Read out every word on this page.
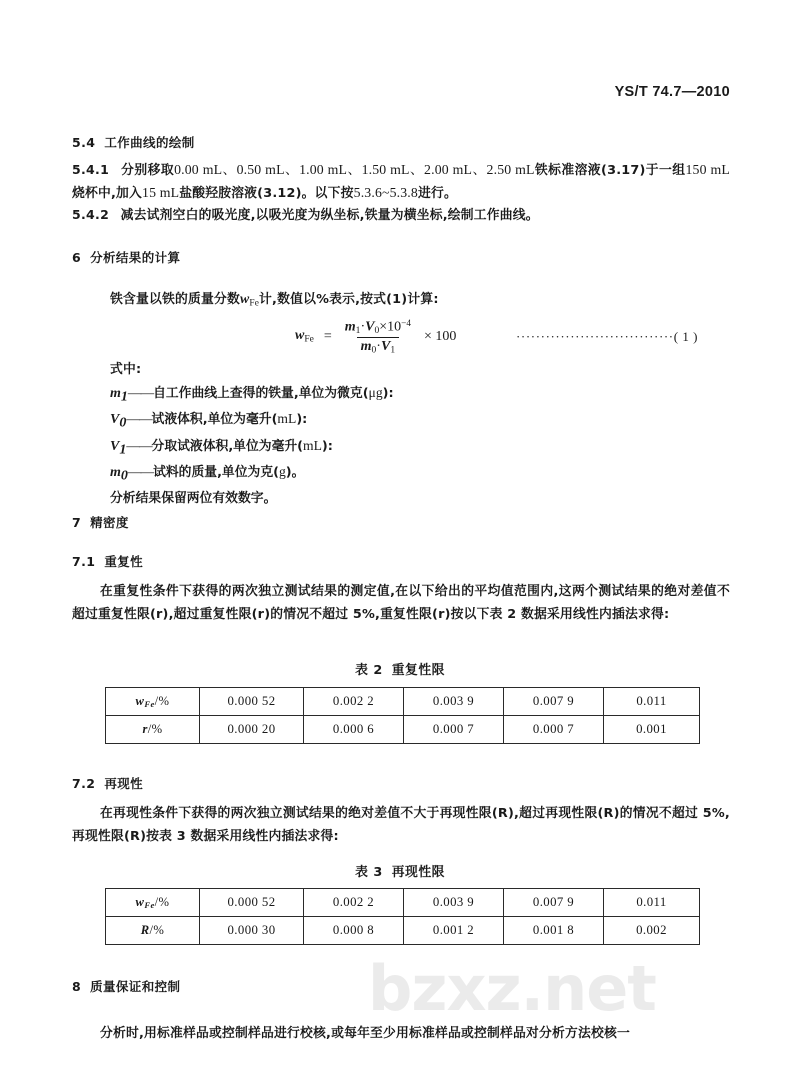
bzxz.net
YS/T 74.7—2010
5.4 工作曲线的绘制
5.4.1 分别移取0.00 mL、0.50 mL、1.00 mL、1.50 mL、2.00 mL、2.50 mL铁标准溶液(3.17)于一组150 mL烧杯中,加入15 mL盐酸羟胺溶液(3.12)。以下按5.3.6~5.3.8进行。
5.4.2 减去试剂空白的吸光度,以吸光度为纵坐标,铁量为横坐标,绘制工作曲线。
6 分析结果的计算
铁含量以铁的质量分数$w_{Fe}$计,数值以%表示,按式(1)计算:
$w_{Fe} = \frac{m_1\cdot V_0\times 10^{-4}}{m_0\cdot V_1} \times 100$	································( 1 )
式中:
$m_1——$自工作曲线上查得的铁量,单位为微克(μg):
$V_0——$试液体积,单位为毫升(mL):
$V_1——$分取试液体积,单位为毫升(mL):
$m_0——$试料的质量,单位为克(g)。
分析结果保留两位有效数字。
7 精密度
7.1 重复性
在重复性条件下获得的两次独立测试结果的测定值,在以下给出的平均值范围内,这两个测试结果的绝对差值不超过重复性限(r),超过重复性限(r)的情况不超过 5%,重复性限(r)按以下表 2 数据采用线性内插法求得:
表 2 重复性限
$w_{Fe}/\%$	0.000 52	0.002 2	0.003 9	0.007 9	0.011
r/%	0.000 20	0.000 6	0.000 7	0.000 7	0.001
7.2 再现性
在再现性条件下获得的两次独立测试结果的绝对差值不大于再现性限(R),超过再现性限(R)的情况不超过 5%,再现性限(R)按表 3 数据采用线性内插法求得:
表 3 再现性限
$w_{Fe}/\%$	0.000 52	0.002 2	0.003 9	0.007 9	0.011
R/%	0.000 30	0.000 8	0.001 2	0.001 8	0.002
8 质量保证和控制
分析时,用标准样品或控制样品进行校核,或每年至少用标准样品或控制样品对分析方法校核一
